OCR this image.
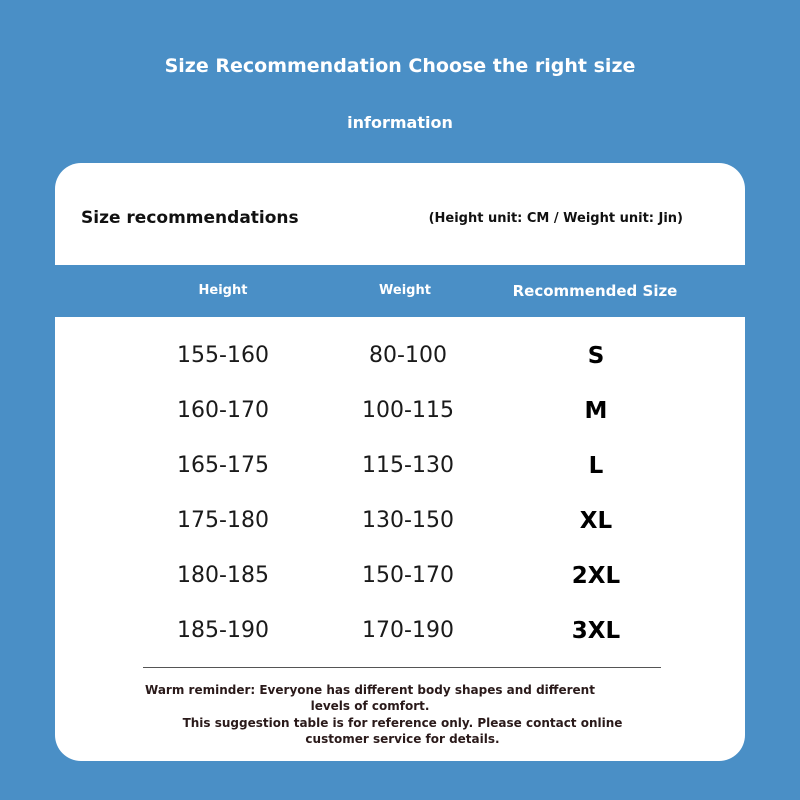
Size Recommendation Choose the right size
information
Size recommendations	(Height unit: CM / Weight unit: Jin)
Height	Weight	Recommended Size
155-160	80-100	S
160-170	100-115	M
165-175	115-130	L
175-180	130-150	XL
180-185	150-170	2XL
185-190	170-190	3XL
Warm reminder: Everyone has different body shapes and different levels of comfort.
This suggestion table is for reference only. Please contact online customer service for details.
